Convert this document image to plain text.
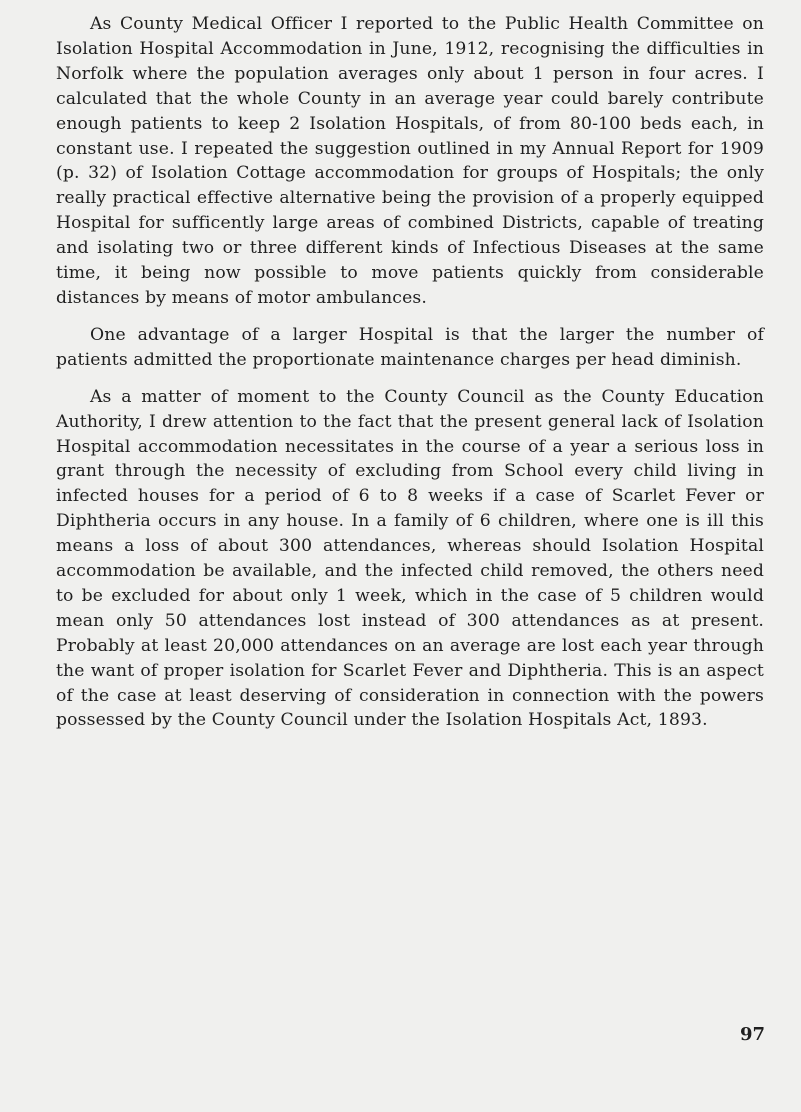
As County Medical Officer I reported to the Public Health Committee on Isolation Hospital Accommodation in June, 1912, recognising the difficulties in Norfolk where the population averages only about 1 person in four acres. I calculated that the whole County in an average year could barely contribute enough patients to keep 2 Isolation Hospitals, of from 80-100 beds each, in constant use. I repeated the suggestion outlined in my Annual Report for 1909 (p. 32) of Isolation Cottage accommodation for groups of Hospitals; the only really practical effective alternative being the provision of a properly equipped Hospital for sufficently large areas of combined Districts, capable of treating and isolating two or three different kinds of Infectious Diseases at the same time, it being now possible to move patients quickly from considerable distances by means of motor ambulances.

One advantage of a larger Hospital is that the larger the number of patients admitted the proportionate maintenance charges per head diminish.

As a matter of moment to the County Council as the County Education Authority, I drew attention to the fact that the present general lack of Isolation Hospital accommodation necessitates in the course of a year a serious loss in grant through the necessity of excluding from School every child living in infected houses for a period of 6 to 8 weeks if a case of Scarlet Fever or Diphtheria occurs in any house. In a family of 6 children, where one is ill this means a loss of about 300 attendances, whereas should Isolation Hospital accommodation be available, and the infected child removed, the others need to be excluded for about only 1 week, which in the case of 5 children would mean only 50 attendances lost instead of 300 attendances as at present. Probably at least 20,000 attendances on an average are lost each year through the want of proper isolation for Scarlet Fever and Diphtheria. This is an aspect of the case at least deserving of consideration in connection with the powers possessed by the County Council under the Isolation Hospitals Act, 1893.

97
